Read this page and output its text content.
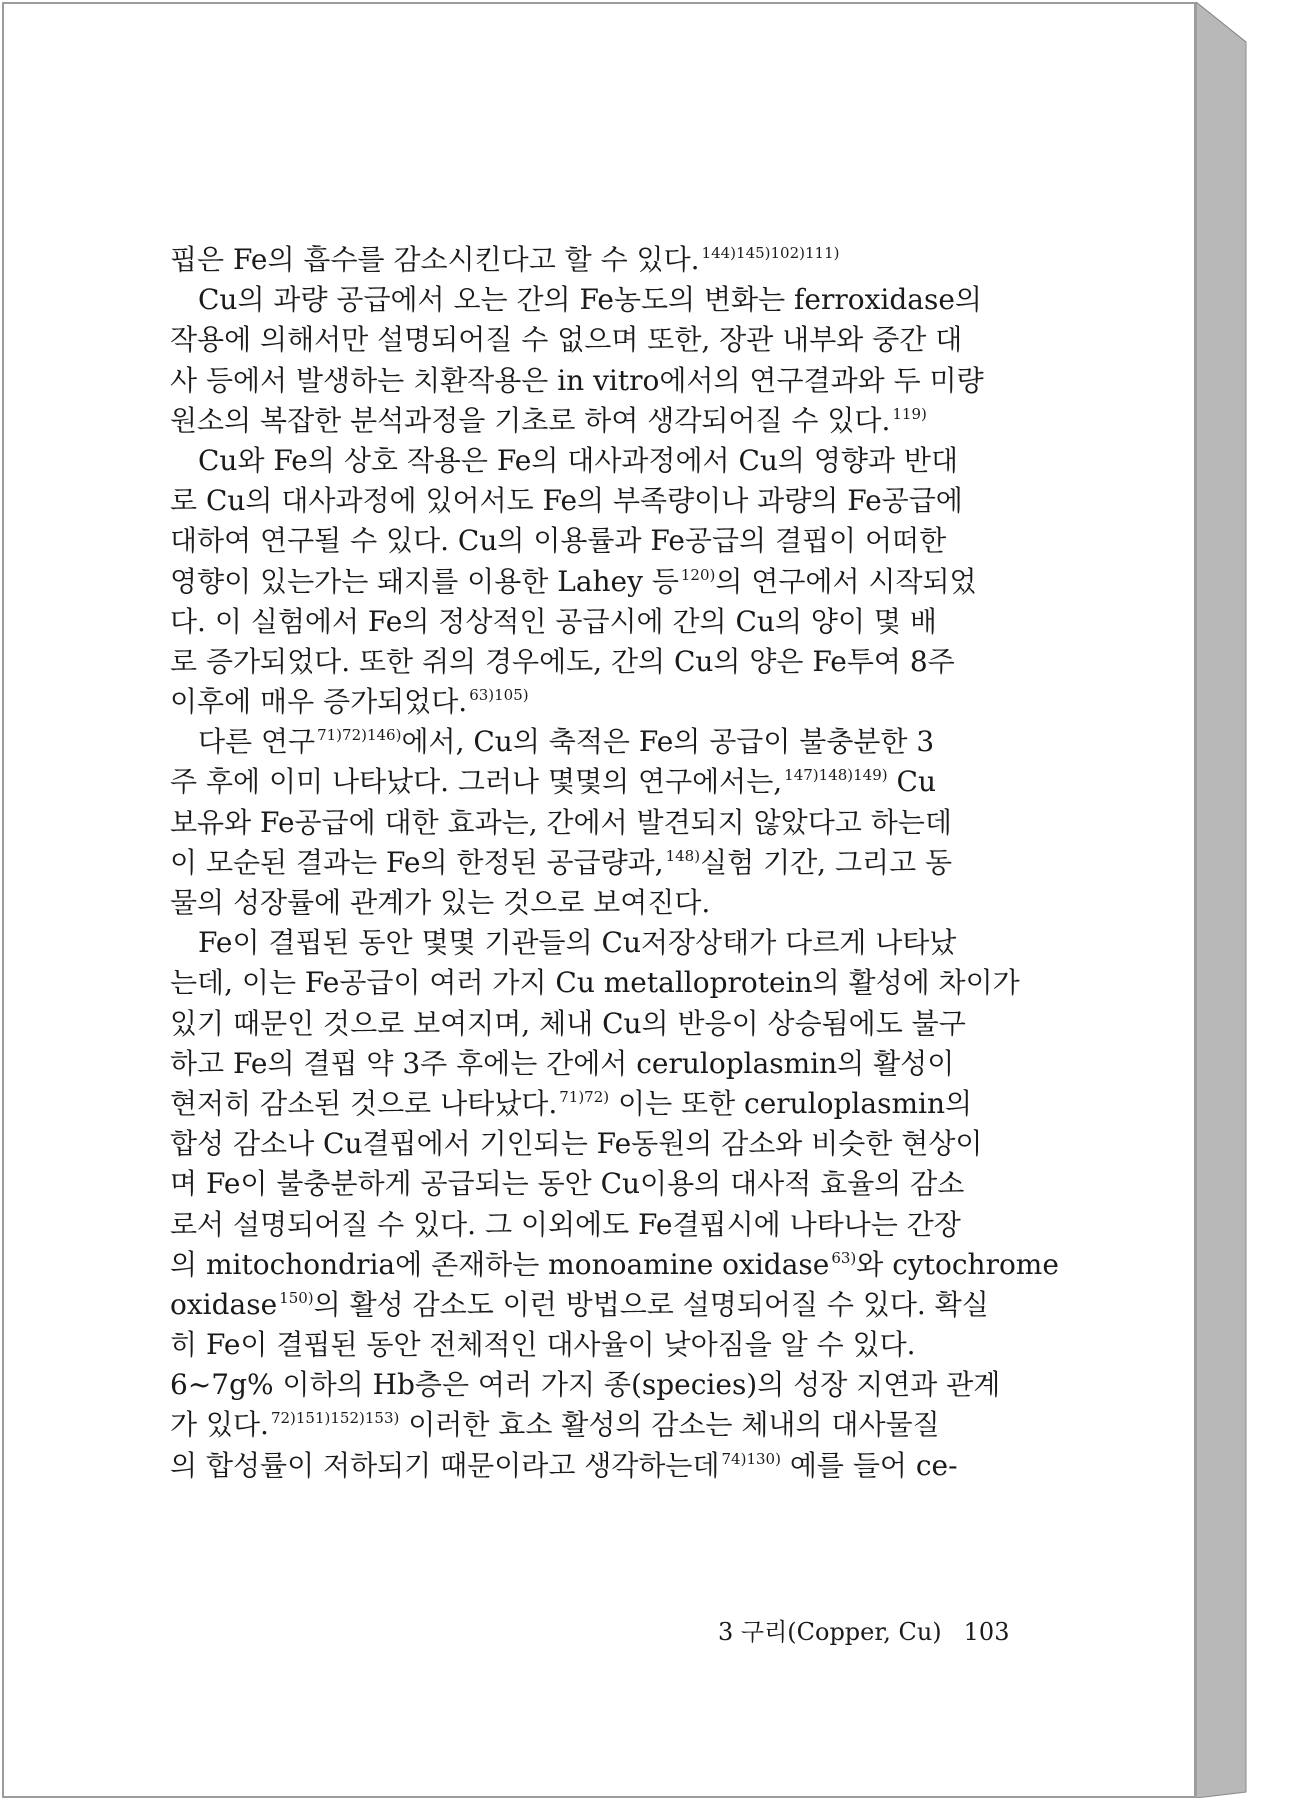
핍은 Fe의 흡수를 감소시킨다고 할 수 있다. $^{144)145)102)111)}$
Cu의 과량 공급에서 오는 간의 Fe농도의 변화는 ferroxidase의
작용에 의해서만 설명되어질 수 없으며 또한, 장관 내부와 중간 대
사 등에서 발생하는 치환작용은 in vitro에서의 연구결과와 두 미량
원소의 복잡한 분석과정을 기초로 하여 생각되어질 수 있다. $^{119)}$
Cu와 Fe의 상호 작용은 Fe의 대사과정에서 Cu의 영향과 반대
로 Cu의 대사과정에 있어서도 Fe의 부족량이나 과량의 Fe공급에
대하여 연구될 수 있다. Cu의 이용률과 Fe공급의 결핍이 어떠한
영향이 있는가는 돼지를 이용한 Lahey 등 $^{120)}$의 연구에서 시작되었
다. 이 실험에서 Fe의 정상적인 공급시에 간의 Cu의 양이 몇 배
로 증가되었다. 또한 쥐의 경우에도, 간의 Cu의 양은 Fe투여 8주
이후에 매우 증가되었다. $^{63)105)}$
다른 연구 $^{71)72)146)}$에서, Cu의 축적은 Fe의 공급이 불충분한 3
주 후에 이미 나타났다. 그러나 몇몇의 연구에서는, $^{147)148)149)}$ Cu
보유와 Fe공급에 대한 효과는, 간에서 발견되지 않았다고 하는데
이 모순된 결과는 Fe의 한정된 공급량과, $^{148)}$실험 기간, 그리고 동
물의 성장률에 관계가 있는 것으로 보여진다.
Fe이 결핍된 동안 몇몇 기관들의 Cu저장상태가 다르게 나타났
는데, 이는 Fe공급이 여러 가지 Cu metalloprotein의 활성에 차이가
있기 때문인 것으로 보여지며, 체내 Cu의 반응이 상승됨에도 불구
하고 Fe의 결핍 약 3주 후에는 간에서 ceruloplasmin의 활성이
현저히 감소된 것으로 나타났다. $^{71)72)}$ 이는 또한 ceruloplasmin의
합성 감소나 Cu결핍에서 기인되는 Fe동원의 감소와 비슷한 현상이
며 Fe이 불충분하게 공급되는 동안 Cu이용의 대사적 효율의 감소
로서 설명되어질 수 있다. 그 이외에도 Fe결핍시에 나타나는 간장
의 mitochondria에 존재하는 monoamine oxidase $^{63)}$와 cytochrome
oxidase $^{150)}$의 활성 감소도 이런 방법으로 설명되어질 수 있다. 확실
히 Fe이 결핍된 동안 전체적인 대사율이 낮아짐을 알 수 있다.
6~7g% 이하의 Hb층은 여러 가지 종(species)의 성장 지연과 관계
가 있다. $^{72)151)152)153)}$ 이러한 효소 활성의 감소는 체내의 대사물질
의 합성률이 저하되기 때문이라고 생각하는데 $^{74)130)}$ 예를 들어 ce-
3 구리(Copper, Cu) 103
